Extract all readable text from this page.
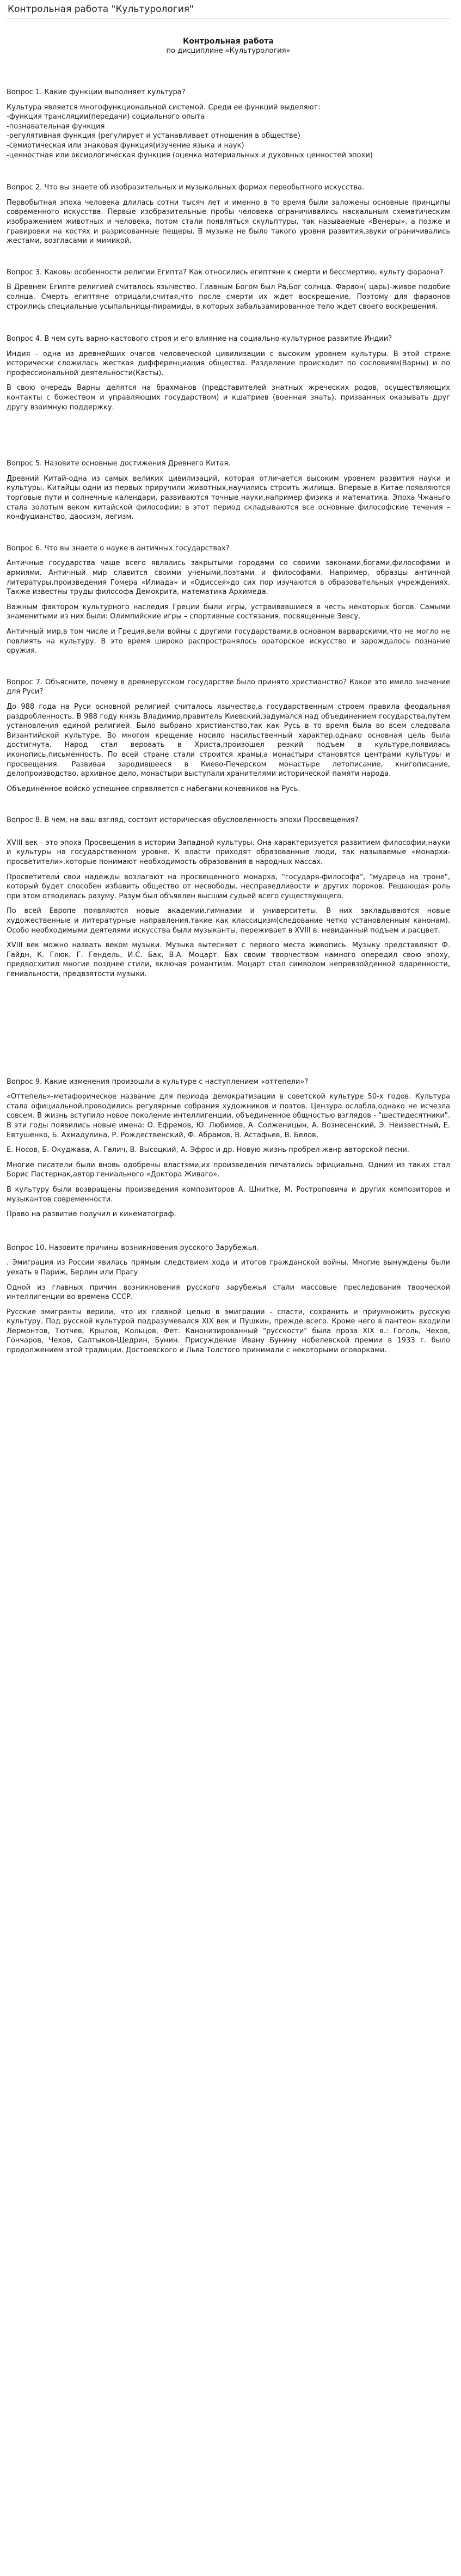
Контрольная работа "Культурология"
Контрольная работа
по дисциплине «Культурология»

Вопрос 1. Какие функции выполняет культура?

Культура является многофункциональной системой. Среди ее функций выделяют:

-функция трансляции(передачи) социального опыта

-познавательная функция

-регулятивная функция (регулирует и устанавливает отношения в обществе)

-семиотическая или знаковая функция(изучение языка и наук)

-ценностная или аксиологическая функция (оценка материальных и духовных ценностей эпохи)

Вопрос 2. Что вы знаете об изобразительных и музыкальных формах первобытного искусства.

Первобытная эпоха человека длилась сотни тысяч лет и именно в то время были заложены основные принципы современного искусства. Первые изобразительные пробы человека ограничивались наскальным схематическим изображением животных и человека, потом стали появляться скульптуры, так называемые «Венеры», а позже и гравировки на костях и разрисованные пещеры. В музыке не было такого уровня развития,звуки ограничивались жестами, возгласами и мимикой.

Вопрос 3. Каковы особенности религии Египта? Как относились египтяне к смерти и бессмертию, культу фараона?

В Древнем Египте религией считалось язычество. Главным Богом был Ра,Бог солнца. Фараон( царь)-живое подобие солнца. Смерть египтяне отрицали,считая,что после смерти их ждет воскрешение. Поэтому для фараонов строились специальные усыпальницы-пирамиды, в которых забальзамированное тело ждет своего воскрешения.

Вопрос 4. В чем суть варно-кастового строя и его влияние на социально-культурное развитие Индии?

Индия – одна из древнейших очагов человеческой цивилизации с высоким уровнем культуры. В этой стране исторически сложилась жесткая дифференциация общества. Разделение происходит по сословиям(Варны) и по профессиональной деятельности(Касты).

В свою очередь Варны делятся на брахманов (представителей знатных жреческих родов, осуществляющих контакты с божеством и управляющих государством) и кшатриев (военная знать), призванных оказывать друг другу взаимную поддержку.

Вопрос 5. Назовите основные достижения Древнего Китая.

Древний Китай-одна из самых великих цивилизаций, которая отличается высоким уровнем развития науки и культуры. Китайцы одни из первых приручили животных,научились строить жилища. Впервые в Китае появляются торговые пути и солнечные календари, развиваются точные науки,например физика и математика. Эпоха Чжаньго стала золотым веком китайской философии: в этот период складываются все основные философские течения – конфуцианство, даосизм, легизм.

Вопрос 6. Что вы знаете о науке в античных государствах?

Античные государства чаще всего являлись закрытыми городами со своими законами,богами,философами и армиями. Античный мир славится своими учеными,поэтами и философами. Например, образцы античной литературы,произведения Гомера «Илиада» и «Одиссея»до сих пор изучаются в образовательных учреждениях. Также известны труды философа Демокрита, математика Архимеда.

Важным фактором культурного наследия Греции были игры, устраивавшиеся в честь некоторых богов. Самыми знаменитыми из них были: Олимпийские игры – спортивные состязания, посвященные Зевсу.

Античный мир,в том числе и Греция,вели войны с другими государствами,в основном варварскими,что не могло не повлиять на культуру. В это время широко распространялось ораторское искусство и зарождалось познание оружия.

Вопрос 7. Объясните, почему в древнерусском государстве было принято христианство? Какое это имело значение для Руси?

До 988 года на Руси основной религией считалось язычество,а государственным строем правила феодальная раздробленность. В 988 году князь Владимир,правитель Киевский,задумался над объединением государства,путем установления единой религией. Было выбрано христианство,так как Русь в то время была во всем следовала Византийской культуре. Во многом крещение носило насильственный характер,однако основная цель была достигнута. Народ стал веровать в Христа,произошел резкий подъем в культуре,появилась иконопись,письменность. По всей стране стали строится храмы,а монастыри становятся центрами культуры и просвещения. Развивая зародившееся в Киево-Печерском монастыре летописание, книгописание, делопроизводство, архивное дело, монастыри выступали хранителями исторической памяти народа.

Объединенное войско успешнее справляется с набегами кочевников на Русь.

Вопрос 8. В чем, на ваш взгляд, состоит историческая обусловленность эпохи Просвещения?

XVIII век - это эпоха Просвещения в истории Западной культуры. Она характеризуется развитием философии,науки и культуры на государственном уровне. К власти приходят образованные люди, так называемые «монархи-просветители»,которые понимают необходимость образования в народных массах.

Просветители свои надежды возлагают на просвещенного монарха, "государя-философа", "мудреца на троне", который будет способен избавить общество от несвободы, несправедливости и других пороков. Решающая роль при этом отводилась разуму. Разум был объявлен высшим судьей всего существующего.

По всей Европе появляются новые академии,гимназии и университеты. В них закладываются новые художественные и литературные направления,такие как классицизм(следование четко установленным канонам). Особо необходимыми деятелями искусства были музыканты, переживает в XVIII в. невиданный подъем и расцвет.

XVIII век можно назвать веком музыки. Музыка вытесняет с первого места живопись. Музыку представляют Ф. Гайдн, К. Глюк, Г. Гендель, И.С. Бах, В.А. Моцарт. Бах своим творчеством намного опередил свою эпоху, предвосхитил многие позднее стили, включая романтизм. Моцарт стал символом непревзойденной одаренности, гениальности, предвзятости музыки.

Вопрос 9. Какие изменения произошли в культуре с наступлением «оттепели»?

«Оттепель»-метафорическое название для периода демократизации в советской культуре 50-х годов. Культура стала официальной,проводились регулярные собрания художников и поэтов. Цензура ослабла,однако не исчезла совсем. В жизнь вступило новое поколение интеллигенции, объединенное общностью взглядов - "шестидесятники". В эти годы появились новые имена: О. Ефремов, Ю. Любимов, А. Солженицын, А. Вознесенский, Э. Неизвестный, Е. Евтушенко, Б. Ахмадулина, Р. Рождественский, Ф. Абрамов, В. Астафьев, В. Белов,

Е. Носов, Б. Окуджава, А. Галич, В. Высоцкий, А. Эфрос и др. Новую жизнь пробрел жанр авторской песни.

Многие писатели были вновь одобрены властями,их произведения печатались официально. Одним из таких стал Борис Пастернак,автор гениального «Доктора Живаго».

В культуру были возвращены произведения композиторов А. Шнитке, М. Ростроповича и других композиторов и музыкантов современности.

Право на развитие получил и кинематограф.

Вопрос 10. Назовите причины возникновения русского Зарубежья.

. Эмиграция из России явилась прямым следствием хода и итогов гражданской войны. Многие вынуждены были уехать в Париж, Берлин или Прагу

Одной из главных причин возникновения русского зарубежья стали массовые преследования творческой интеллигенции во времена СССР.

Русские эмигранты верили, что их главной целью в эмиграции - спасти, сохранить и приумножить русскую культуру. Под русской культурой подразумевался XIX век и Пушкин, прежде всего. Кроме него в пантеон входили Лермонтов, Тютчев, Крылов, Кольцов, Фет. Канонизированный "русскости" была проза XIX в.: Гоголь, Чехов, Гончаров, Чехов, Салтыков-Щедрин, Бунин. Присуждение Ивану Бунину нобелевской премии в 1933 г. было продолжением этой традиции. Достоевского и Льва Толстого принимали с некоторыми оговорками.
